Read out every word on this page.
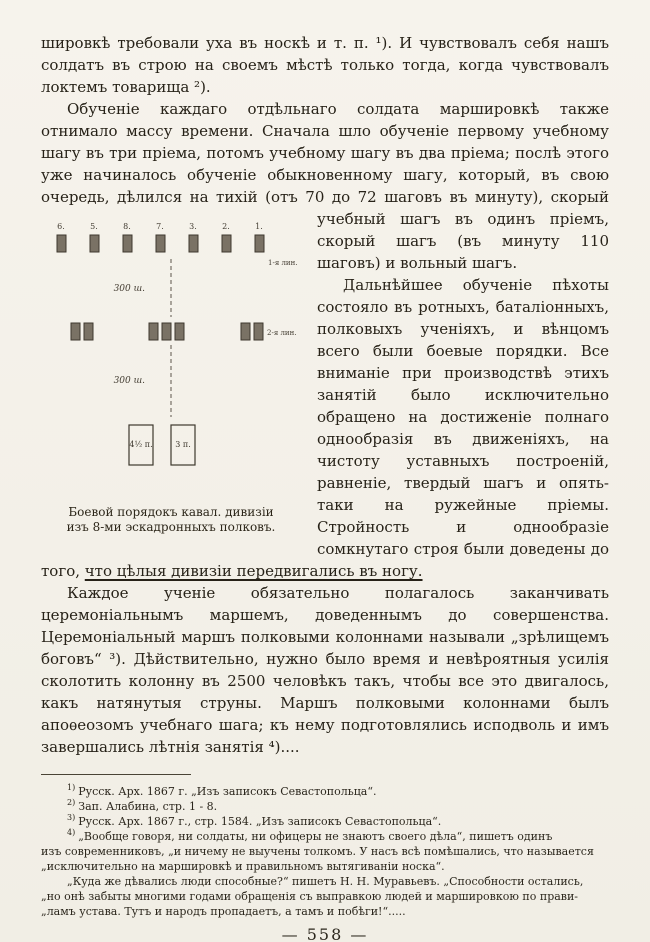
шировкѣ требовали уха въ носкѣ и т. п. ¹). И чувствовалъ себя нашъ солдатъ въ строю на своемъ мѣстѣ только тогда, когда чувствовалъ локтемъ товарища ²).
Обученіе каждаго отдѣльнаго солдата маршировкѣ также отнимало массу времени. Сначала шло обученіе первому учебному шагу въ три пріема, потомъ учебному шагу въ два пріема; послѣ этого уже начиналось обученіе обыкновенному шагу, который, въ свою очередь, дѣлился на тихій (отъ 70 до 72 шаговъ въ минуту),
6.	5.	8.	7.	3.	2.	1.
1-я лин.
300 ш.
2-я лин.
300 ш.
4½ п.	3 п.
Боевой порядокъ кавал. дивизіи
изъ 8-ми эскадронныхъ полковъ.
скорый учебный шагъ въ одинъ пріемъ, скорый шагъ (въ минуту 110 шаговъ) и вольный шагъ.
Дальнѣйшее обученіе пѣхоты состояло въ ротныхъ, баталіонныхъ, полковыхъ ученіяхъ, и вѣнцомъ всего были боевые порядки. Все вниманіе при производствѣ этихъ занятій было исключительно обращено на достиженіе полнаго однообразія въ движеніяхъ, на чистоту уставныхъ построеній, равненіе, твердый шагъ и опять-таки на ружейные пріемы. Стройность и однообразіе сомкнутаго строя были доведены до того, что цѣлыя дивизіи передвигались въ ногу.
Каждое ученіе обязательно полагалось заканчивать церемоніальнымъ маршемъ, доведеннымъ до совершенства. Церемоніальный маршъ полковыми колоннами называли „зрѣлищемъ боговъ“ ³). Дѣйствительно, нужно было время и невѣроятныя усилія сколотить колонну въ 2500 человѣкъ такъ, чтобы все это двигалось, какъ натянутыя струны. Маршъ полковыми колоннами былъ апоѳеозомъ учебнаго шага; къ нему подготовлялись исподволь и имъ завершались лѣтнія занятія ⁴)....
$^{1)}$ Русск. Арх. 1867 г. „Изъ записокъ Севастопольца“.
$^{2)}$ Зап. Алабина, стр. 1 - 8.
$^{3)}$ Русск. Арх. 1867 г., стр. 1584. „Изъ записокъ Севастопольца“.
$^{4)}$ „Вообще говоря, ни солдаты, ни офицеры не знаютъ своего дѣла“, пишетъ одинъ
изъ современниковъ, „и ничему не выучены толкомъ. У насъ всѣ помѣшались, что называется
„исключительно на маршировкѣ и правильномъ вытягиваніи носка“.
„Куда же дѣвались люди способные?“ пишетъ Н. Н. Муравьевъ. „Способности остались,
„но онѣ забыты многими годами обращенія съ выправкою людей и маршировкою по прави-
„ламъ устава. Тутъ и народъ пропадаетъ, а тамъ и побѣги!“.....
— 558 —
